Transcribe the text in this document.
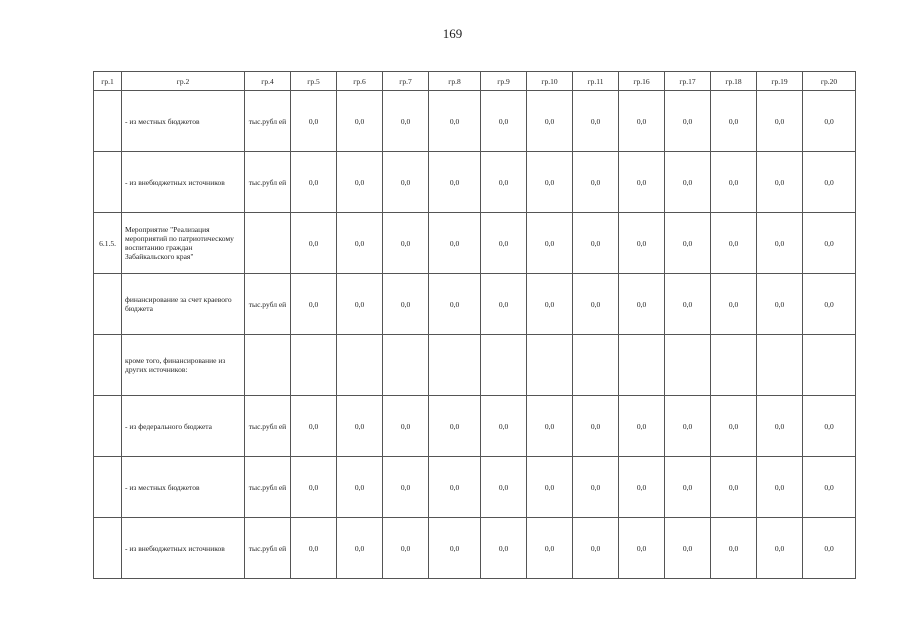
169
гр.1	гр.2	гр.4	гр.5	гр.6	гр.7	гр.8	гр.9	гр.10	гр.11	гр.16	гр.17	гр.18	гр.19	гр.20
	- из местных бюджетов	тыс.рубл ей	0,0	0,0	0,0	0,0	0,0	0,0	0,0	0,0	0,0	0,0	0,0	0,0
	- из внебюджетных источников	тыс.рубл ей	0,0	0,0	0,0	0,0	0,0	0,0	0,0	0,0	0,0	0,0	0,0	0,0
6.1.5.	Мероприятие "Реализация мероприятий по патриотическому воспитанию граждан Забайкальского края"		0,0	0,0	0,0	0,0	0,0	0,0	0,0	0,0	0,0	0,0	0,0	0,0
	финансирование за счет краевого бюджета	тыс.рубл ей	0,0	0,0	0,0	0,0	0,0	0,0	0,0	0,0	0,0	0,0	0,0	0,0
	кроме того, финансирование из других источников:													
	- из федерального бюджета	тыс.рубл ей	0,0	0,0	0,0	0,0	0,0	0,0	0,0	0,0	0,0	0,0	0,0	0,0
	- из местных бюджетов	тыс.рубл ей	0,0	0,0	0,0	0,0	0,0	0,0	0,0	0,0	0,0	0,0	0,0	0,0
	- из внебюджетных источников	тыс.рубл ей	0,0	0,0	0,0	0,0	0,0	0,0	0,0	0,0	0,0	0,0	0,0	0,0
